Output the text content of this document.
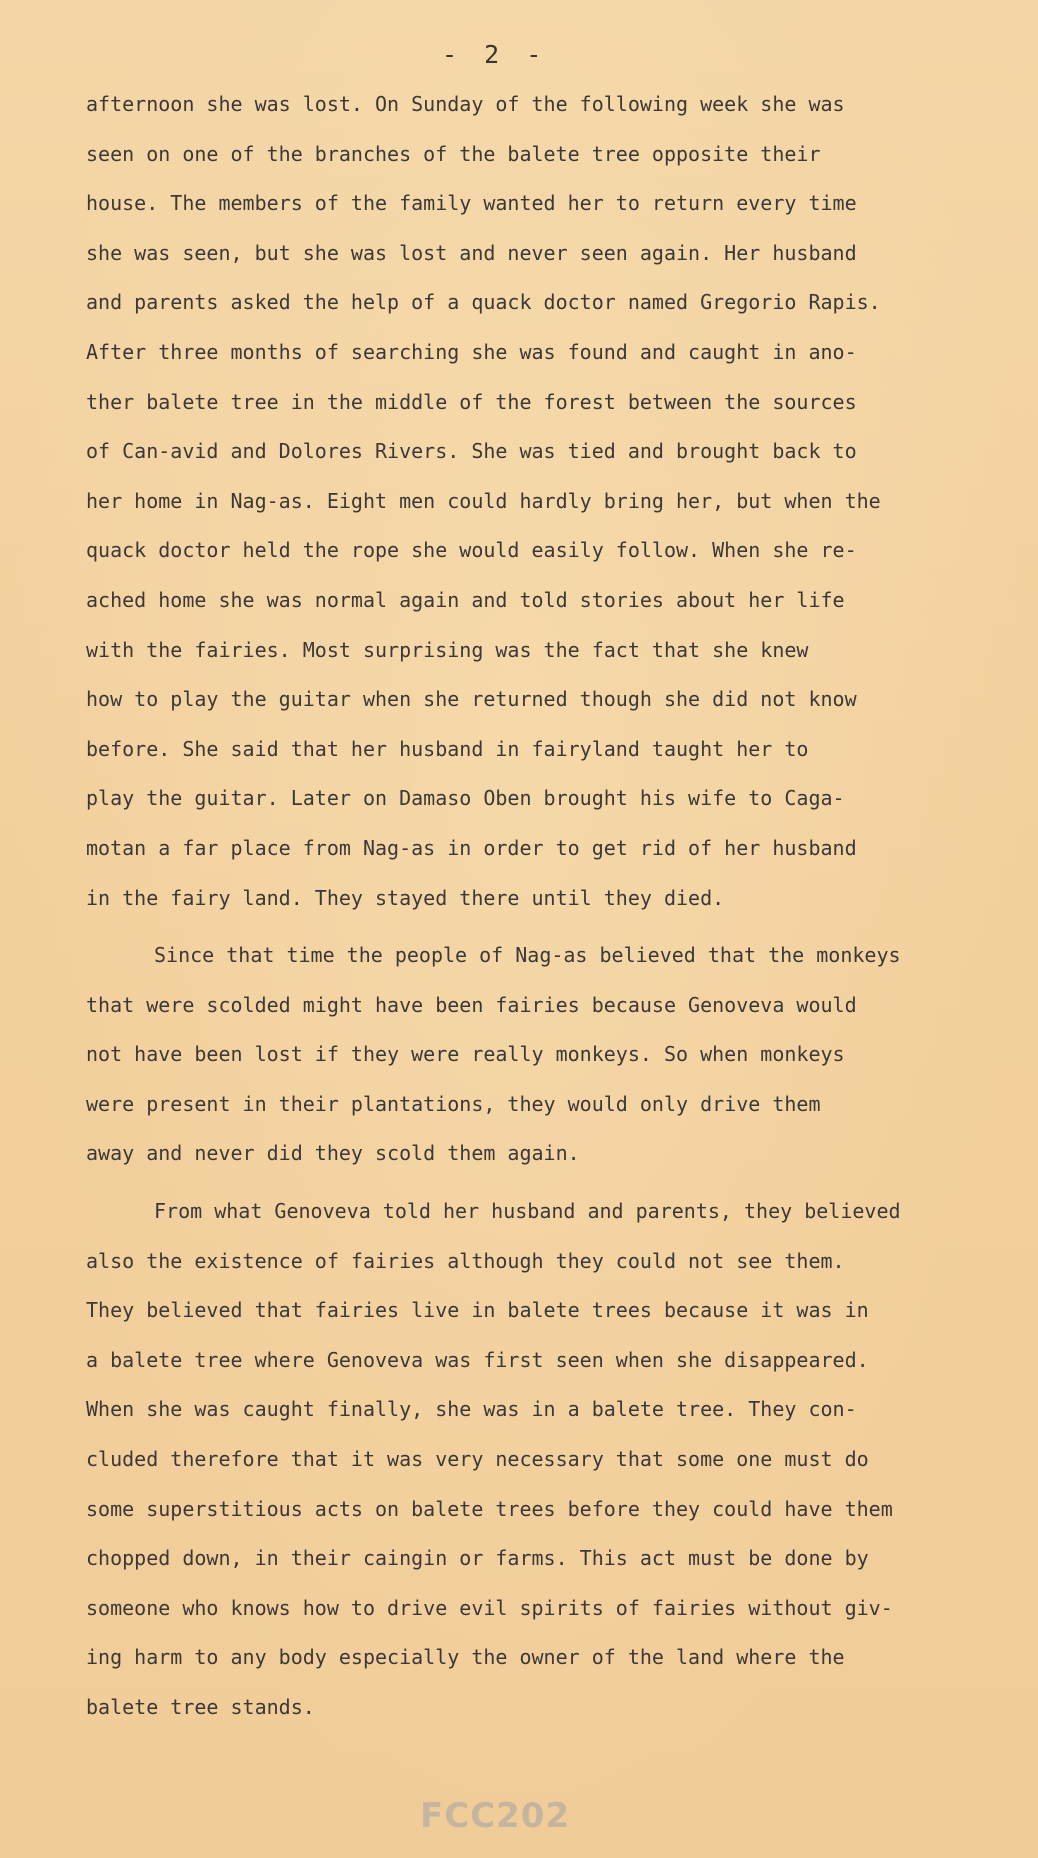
- 2 -
afternoon she was lost. On Sunday of the following week she was
seen on one of the branches of the balete tree opposite their
house. The members of the family wanted her to return every time
she was seen, but she was lost and never seen again. Her husband
and parents asked the help of a quack doctor named Gregorio Rapis.
After three months of searching she was found and caught in ano-
ther balete tree in the middle of the forest between the sources
of Can-avid and Dolores Rivers. She was tied and brought back to
her home in Nag-as. Eight men could hardly bring her, but when the
quack doctor held the rope she would easily follow. When she re-
ached home she was normal again and told stories about her life
with the fairies. Most surprising was the fact that she knew
how to play the guitar when she returned though she did not know
before. She said that her husband in fairyland taught her to
play the guitar. Later on Damaso Oben brought his wife to Caga-
motan a far place from Nag-as in order to get rid of her husband
in the fairy land. They stayed there until they died.
Since that time the people of Nag-as believed that the monkeys
that were scolded might have been fairies because Genoveva would
not have been lost if they were really monkeys. So when monkeys
were present in their plantations, they would only drive them
away and never did they scold them again.
From what Genoveva told her husband and parents, they believed
also the existence of fairies although they could not see them.
They believed that fairies live in balete trees because it was in
a balete tree where Genoveva was first seen when she disappeared.
When she was caught finally, she was in a balete tree. They con-
cluded therefore that it was very necessary that some one must do
some superstitious acts on balete trees before they could have them
chopped down, in their caingin or farms. This act must be done by
someone who knows how to drive evil spirits of fairies without giv-
ing harm to any body especially the owner of the land where the
balete tree stands.
FCC202
